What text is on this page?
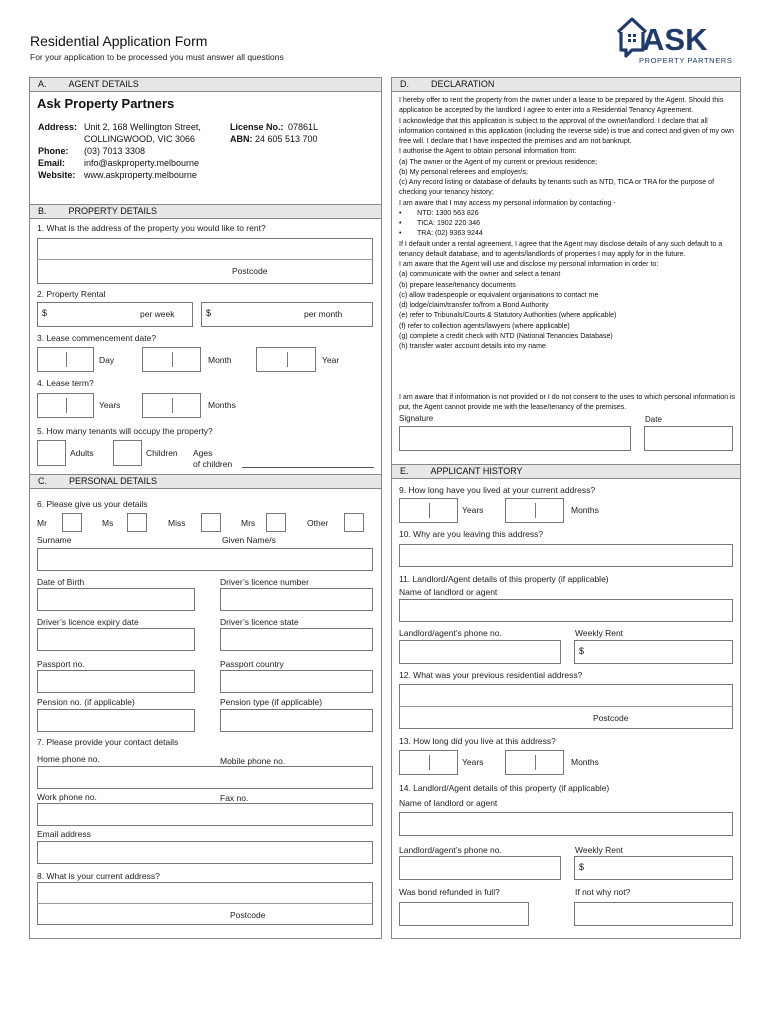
Residential Application Form
For your application to be processed you must answer all questions	ASK
PROPERTY PARTNERS
A. AGENT DETAILS
Ask Property Partners
Address: Unit 2, 168 Wellington Street,
COLLINGWOOD, VIC 3066
Phone: (03) 7013 3308
Email: info@askproperty.melbourne
Website: www.askproperty.melbourne
License No.: 07861L
ABN: 24 605 513 700
B. PROPERTY DETAILS
1. What is the address of the property you would like to rent?
Postcode
2. Property Rental
$	per week	$	per month
3. Lease commencement date?
Day	Month	Year
4. Lease term?
Years	Months
5. How many tenants will occupy the property?
Adults	Children Ages
of children
C. PERSONAL DETAILS
6. Please give us your details
Mr	Ms	Miss	Mrs	Other
Surname	Given Name/s
Date of Birth	Driver’s licence number
Driver’s licence expiry date	Driver’s licence state
Passport no.	Passport country
Pension no. (if applicable)	Pension type (if applicable)
7. Please provide your contact details
Home phone no.	Mobile phone no.
Work phone no.	Fax no.
Email address
8. What is your current address?
Postcode
D. DECLARATION

I hereby offer to rent the property from the owner under a lease to be prepared by the Agent. Should this application be accepted by the landlord I agree to enter into a Residential Tenancy Agreement.

I acknowledge that this application is subject to the approval of the owner/landlord. I declare that all information contained in this application (including the reverse side) is true and correct and given of my own free will. I declare that I have inspected the premises and am not bankrupt.

I authorise the Agent to obtain personal information from:

(a) The owner or the Agent of my current or previous residence;

(b) My personal referees and employer/s;

(c) Any record listing or database of defaults by tenants such as NTD, TICA or TRA for the purpose of checking your tenancy history;

I am aware that I may access my personal information by contacting -

•        NTD: 1300 563 826

•        TICA: 1902 220 346

•        TRA: (02) 9363 9244

If I default under a rental agreement, I agree that the Agent may disclose details of any such default to a tenancy default database, and to agents/landlords of properties I may apply for in the future.

I am aware that the Agent will use and disclose my personal information in order to:

(a) communicate with the owner and select a tenant

(b) prepare lease/tenancy documents

(c) allow tradespeople or equivalent organisations to contact me

(d) lodge/claim/transfer to/from a Bond Authority

(e) refer to Tribunals/Courts & Statutory Authorities (where applicable)

(f) refer to collection agents/lawyers (where applicable)

(g) complete a credit check with NTD (National Tenancies Database)

(h) transfer water account details into my name

I am aware that if information is not provided or I do not consent to the uses to which personal information is put, the Agent cannot provide me with the lease/tenancy of the premises.
Signature	Date
E. APPLICANT HISTORY
9. How long have you lived at your current address?
Years	Months
10. Why are you leaving this address?
11. Landlord/Agent details of this property (if applicable)
Name of landlord or agent
Landlord/agent’s phone no.	Weekly Rent
$
12. What was your previous residential address?
Postcode
13. How long did you live at this address?
Years	Months
14. Landlord/Agent details of this property (if applicable)
Name of landlord or agent
Landlord/agent’s phone no.	Weekly Rent
$
Was bond refunded in full?	If not why not?
